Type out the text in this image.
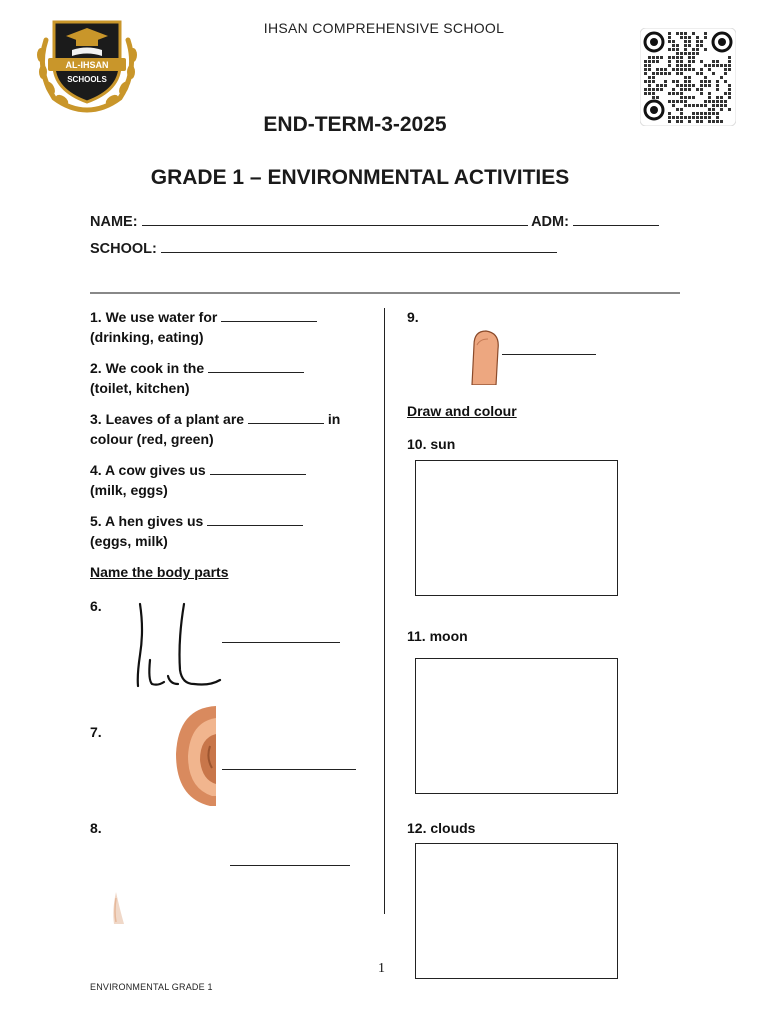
AL-IHSAN
SCHOOLS
IHSAN COMPREHENSIVE SCHOOL
END-TERM-3-2025
GRADE 1 – ENVIRONMENTAL ACTIVITIES
NAME:	ADM:
SCHOOL:
1. We use water for
(drinking, eating)
2. We cook in the
(toilet, kitchen)
3. Leaves of a plant are	in
colour (red, green)
4. A cow gives us
(milk, eggs)
5. A hen gives us
(eggs, milk)
Name the body parts
6.
7.
8.
9.
Draw and colour
10. sun
11. moon
12. clouds
1
ENVIRONMENTAL GRADE 1
